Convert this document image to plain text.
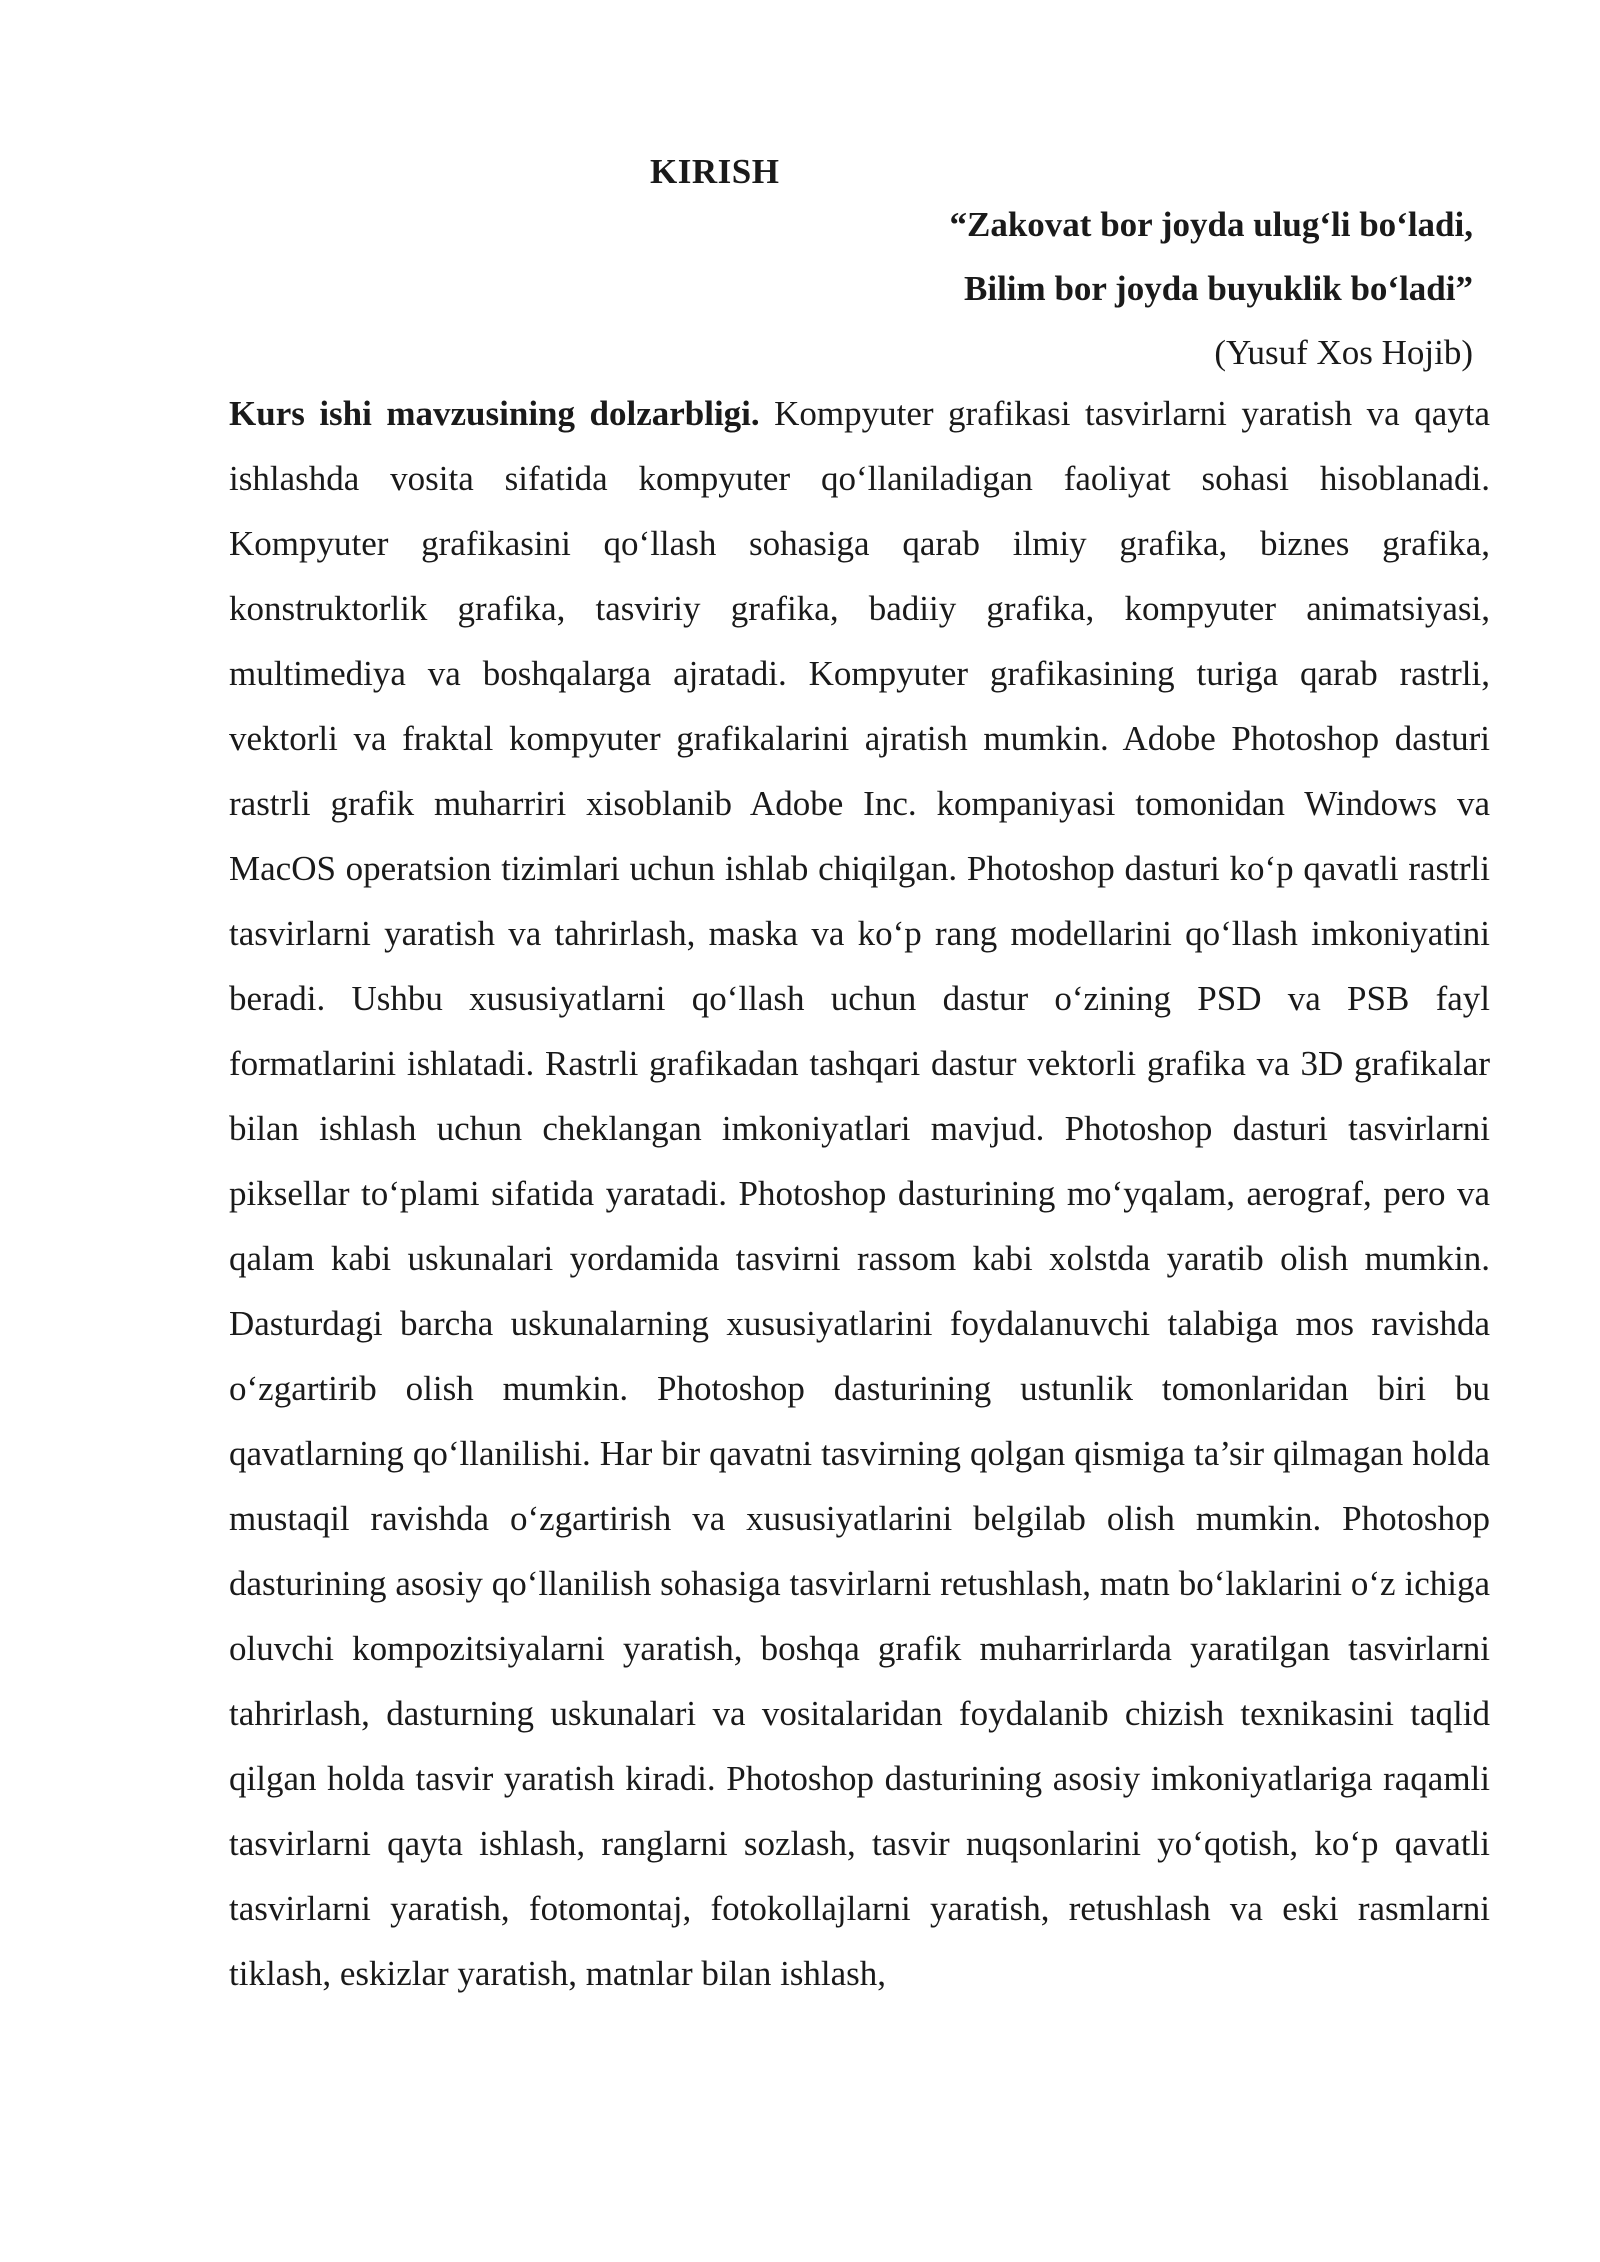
KIRISH
“Zakovat bor joyda ulug‘li bo‘ladi,
Bilim bor joyda buyuklik bo‘ladi”
(Yusuf Xos Hojib)

Kurs ishi mavzusining dolzarbligi. Kompyuter grafikasi tasvirlarni yaratish va qayta ishlashda vosita sifatida kompyuter qo‘llaniladigan faoliyat sohasi hisoblanadi. Kompyuter grafikasini qo‘llash sohasiga qarab ilmiy grafika, biznes grafika, konstruktorlik grafika, tasviriy grafika, badiiy grafika, kompyuter animatsiyasi, multimediya va boshqalarga ajratadi. Kompyuter grafikasining turiga qarab rastrli, vektorli va fraktal kompyuter grafikalarini ajratish mumkin. Adobe Photoshop dasturi rastrli grafik muharriri xisoblanib Adobe Inc. kompaniyasi tomonidan Windows va MacOS operatsion tizimlari uchun ishlab chiqilgan. Photoshop dasturi ko‘p qavatli rastrli tasvirlarni yaratish va tahrirlash, maska va ko‘p rang modellarini qo‘llash imkoniyatini beradi. Ushbu xususiyatlarni qo‘llash uchun dastur o‘zining PSD va PSB fayl formatlarini ishlatadi. Rastrli grafikadan tashqari dastur vektorli grafika va 3D grafikalar bilan ishlash uchun cheklangan imkoniyatlari mavjud. Photoshop dasturi tasvirlarni piksellar to‘plami sifatida yaratadi. Photoshop dasturining mo‘yqalam, aerograf, pero va qalam kabi uskunalari yordamida tasvirni rassom kabi xolstda yaratib olish mumkin. Dasturdagi barcha uskunalarning xususiyatlarini foydalanuvchi talabiga mos ravishda o‘zgartirib olish mumkin. Photoshop dasturining ustunlik tomonlaridan biri bu qavatlarning qo‘llanilishi. Har bir qavatni tasvirning qolgan qismiga ta’sir qilmagan holda mustaqil ravishda o‘zgartirish va xususiyatlarini belgilab olish mumkin. Photoshop dasturining asosiy qo‘llanilish sohasiga tasvirlarni retushlash, matn bo‘laklarini o‘z ichiga oluvchi kompozitsiyalarni yaratish, boshqa grafik muharrirlarda yaratilgan tasvirlarni tahrirlash, dasturning uskunalari va vositalaridan foydalanib chizish texnikasini taqlid qilgan holda tasvir yaratish kiradi. Photoshop dasturining asosiy imkoniyatlariga raqamli tasvirlarni qayta ishlash, ranglarni sozlash, tasvir nuqsonlarini yo‘qotish, ko‘p qavatli tasvirlarni yaratish, fotomontaj, fotokollajlarni yaratish, retushlash va eski rasmlarni tiklash, eskizlar yaratish, matnlar bilan ishlash,
